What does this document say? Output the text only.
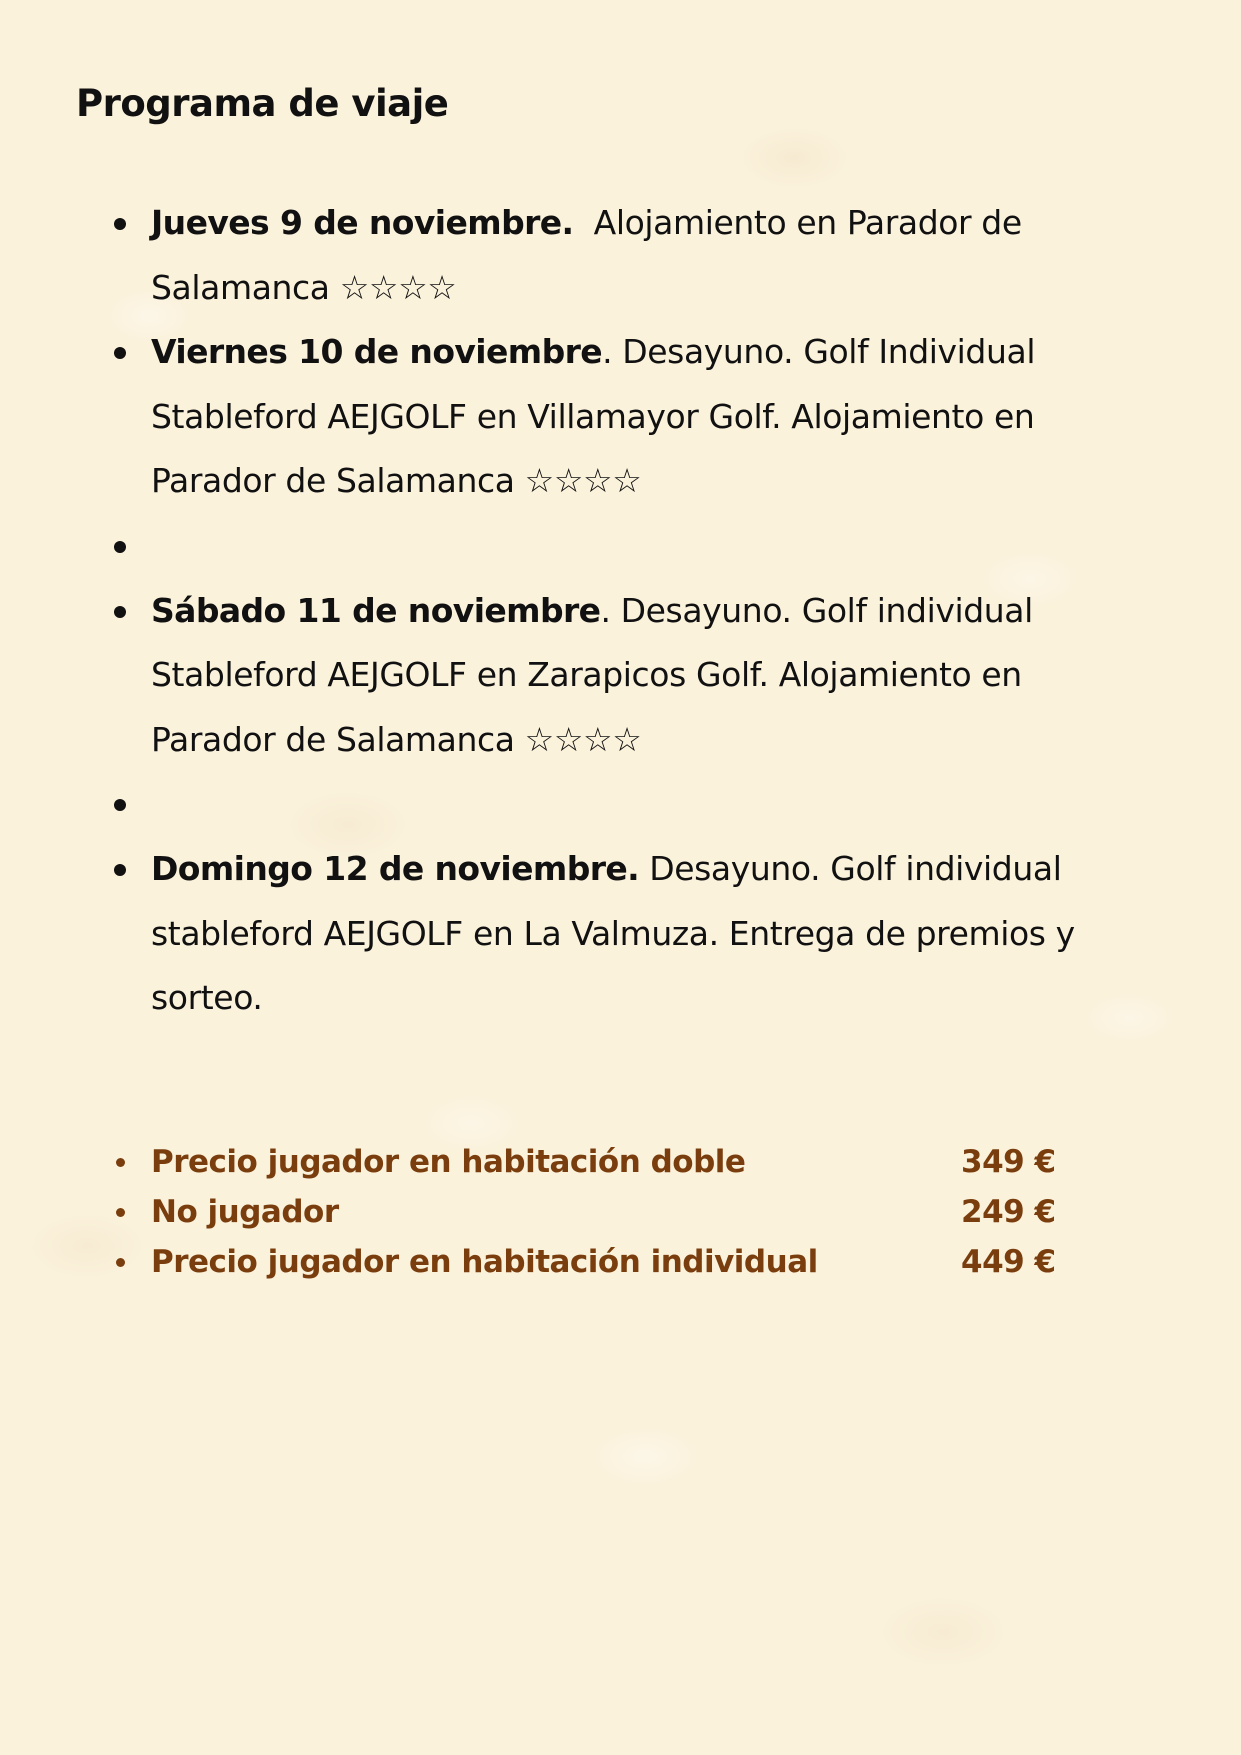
Programa de viaje
Jueves 9 de noviembre.  Alojamiento en Parador de Salamanca ☆☆☆☆
Viernes 10 de noviembre. Desayuno. Golf Individual Stableford AEJGOLF en Villamayor Golf. Alojamiento en Parador de Salamanca ☆☆☆☆
Sábado 11 de noviembre. Desayuno. Golf individual Stableford AEJGOLF en Zarapicos Golf. Alojamiento en Parador de Salamanca ☆☆☆☆
Domingo 12 de noviembre. Desayuno. Golf individual stableford AEJGOLF en La Valmuza. Entrega de premios y sorteo.
Precio jugador en habitación doble	349 €
No jugador	249 €
Precio jugador en habitación individual	449 €
